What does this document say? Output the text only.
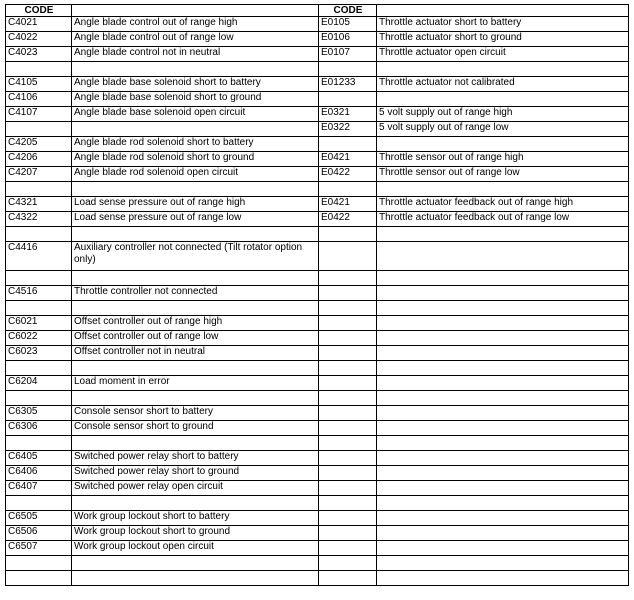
CODE		CODE	
C4021	Angle blade control out of range high	E0105	Throttle actuator short to battery
C4022	Angle blade control out of range low	E0106	Throttle actuator short to ground
C4023	Angle blade control not in neutral	E0107	Throttle actuator open circuit

C4105	Angle blade base solenoid short to battery	E01233	Throttle actuator not calibrated
C4106	Angle blade base solenoid short to ground		
C4107	Angle blade base solenoid open circuit	E0321	5 volt supply out of range high
		E0322	5 volt supply out of range low
C4205	Angle blade rod solenoid short to battery		
C4206	Angle blade rod solenoid short to ground	E0421	Throttle sensor out of range high
C4207	Angle blade rod solenoid open circuit	E0422	Throttle sensor out of range low

C4321	Load sense pressure out of range high	E0421	Throttle actuator feedback out of range high
C4322	Load sense pressure out of range low	E0422	Throttle actuator feedback out of range low

C4416	Auxiliary controller not connected (Tilt rotator option only)		

C4516	Throttle controller not connected		

C6021	Offset controller out of range high		
C6022	Offset controller out of range low		
C6023	Offset controller not in neutral		

C6204	Load moment in error		

C6305	Console sensor short to battery		
C6306	Console sensor short to ground		

C6405	Switched power relay short to battery		
C6406	Switched power relay short to ground		
C6407	Switched power relay open circuit		

C6505	Work group lockout short to battery		
C6506	Work group lockout short to ground		
C6507	Work group lockout open circuit		
